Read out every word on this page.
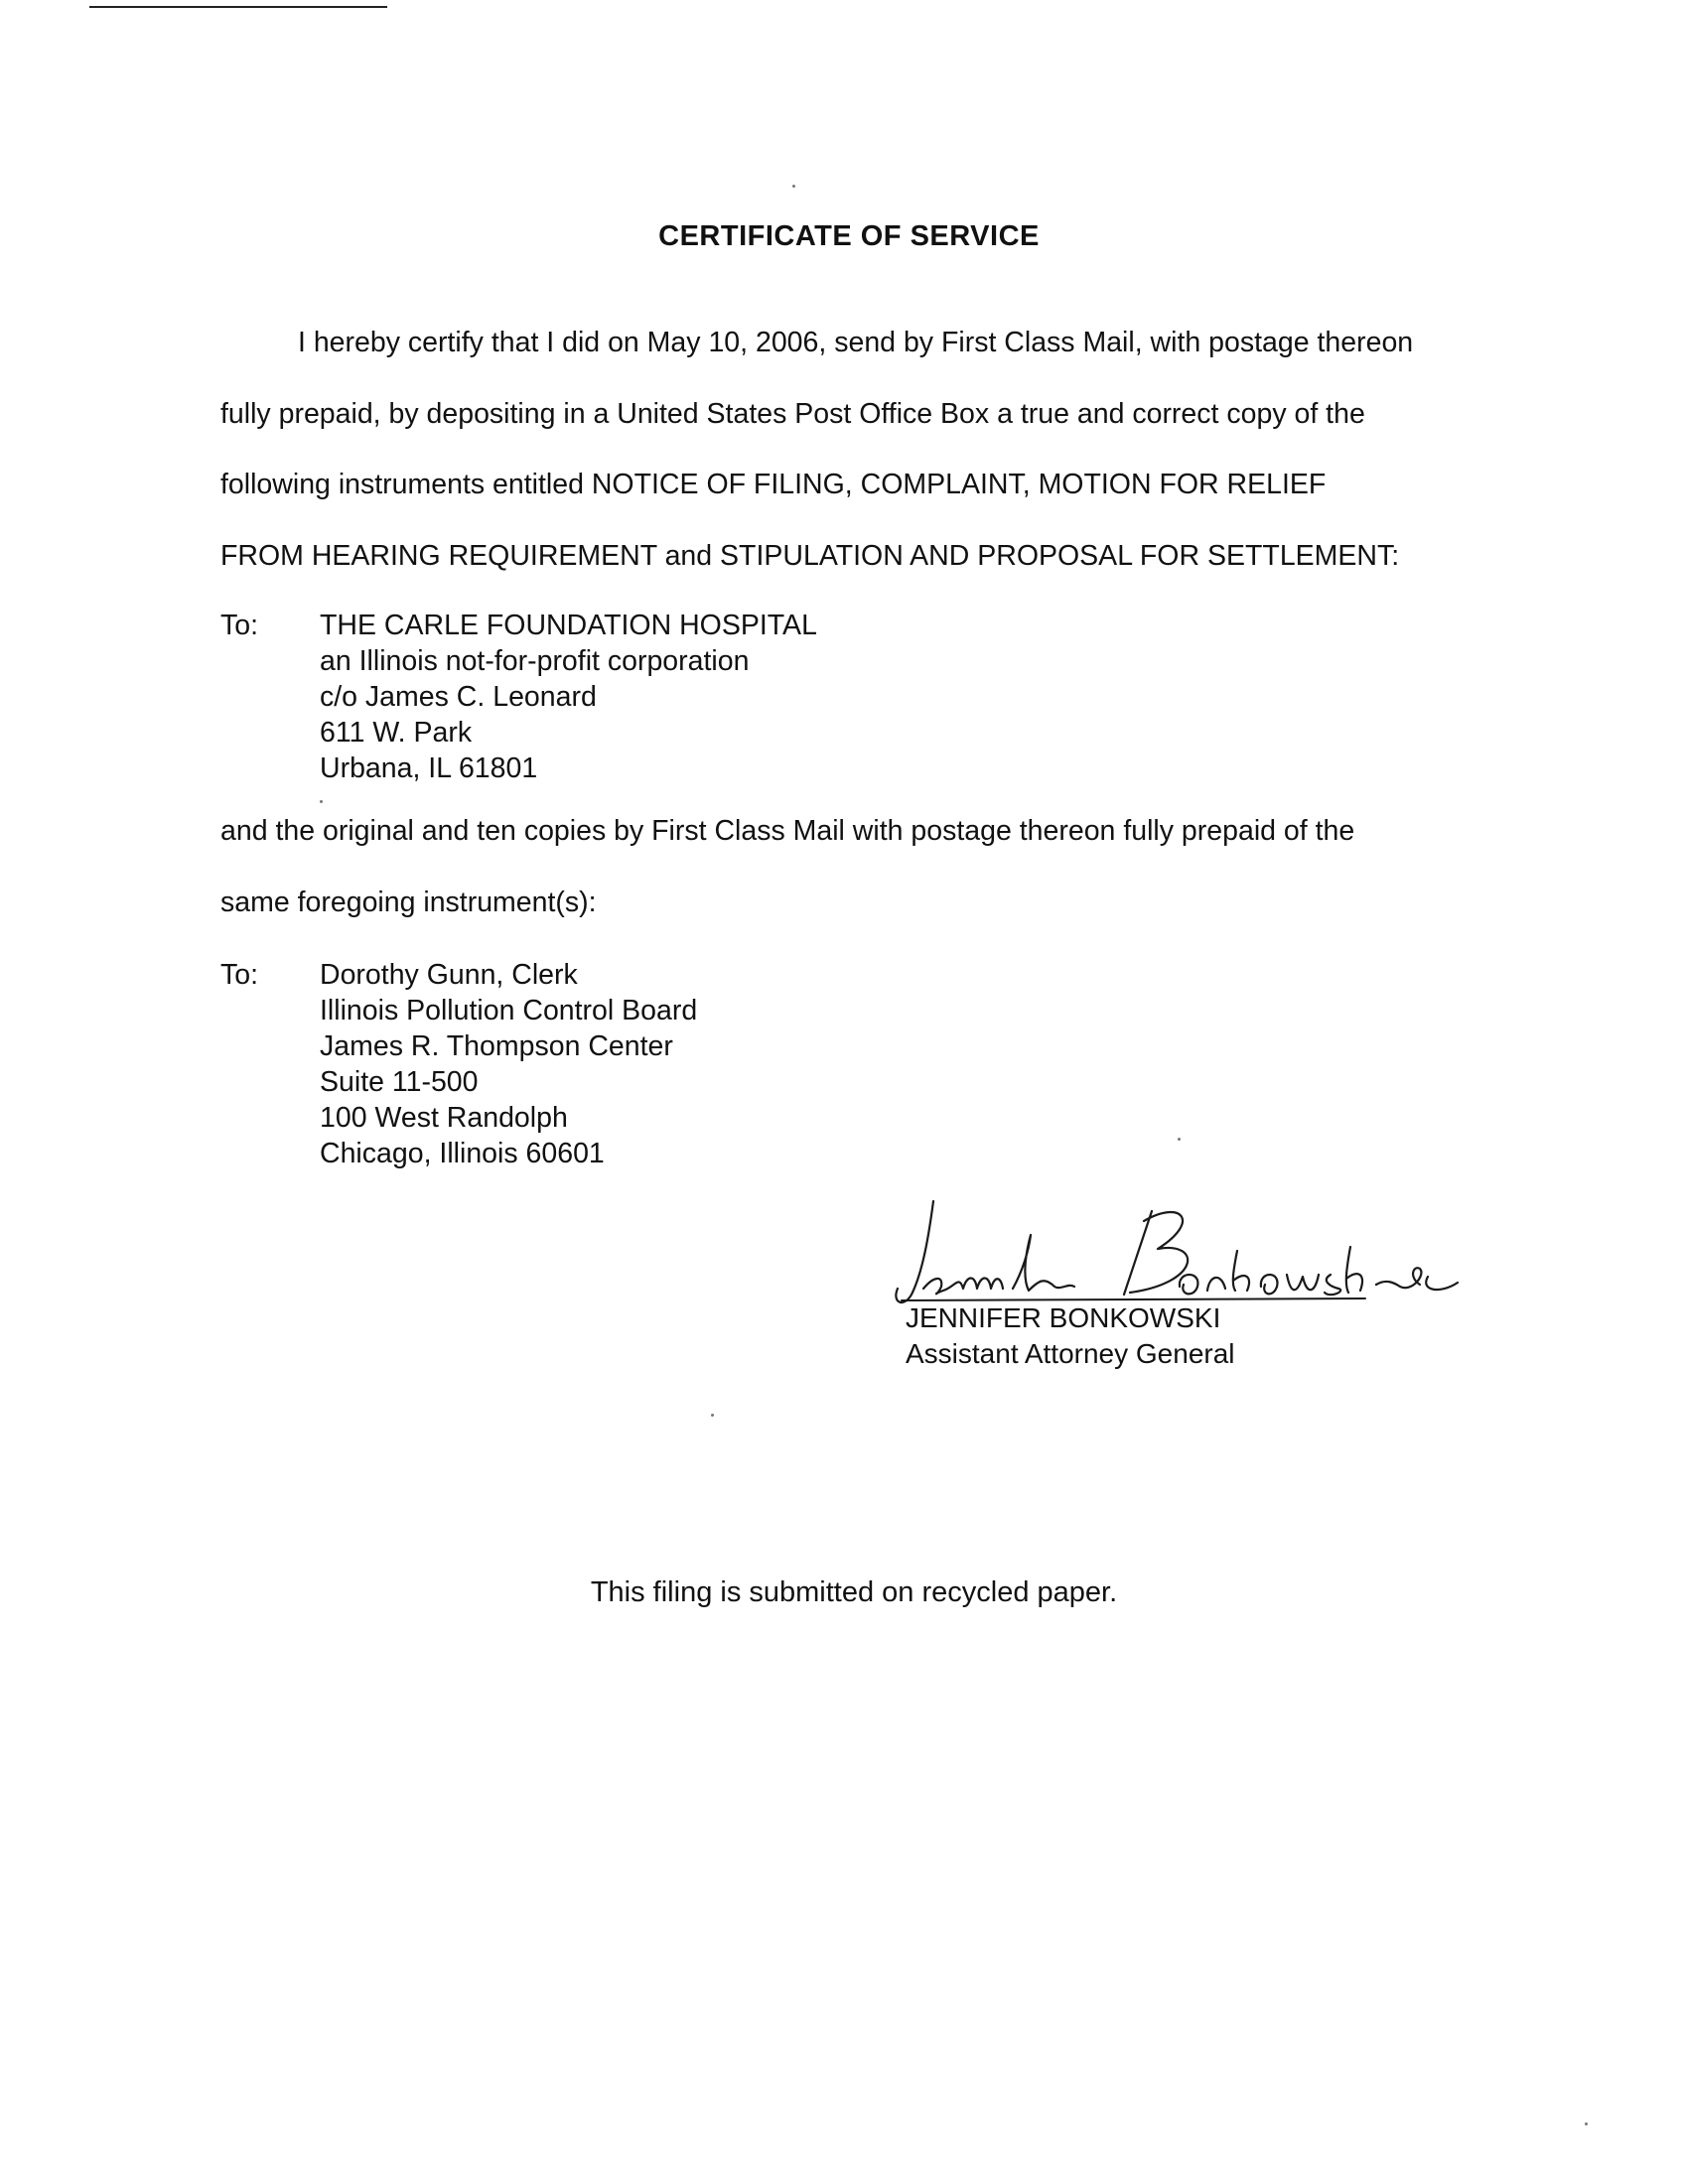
CERTIFICATE OF SERVICE
I hereby certify that I did on May 10, 2006, send by First Class Mail, with postage thereon
fully prepaid, by depositing in a United States Post Office Box a true and correct copy of the
following instruments entitled NOTICE OF FILING, COMPLAINT, MOTION FOR RELIEF
FROM HEARING REQUIREMENT and STIPULATION AND PROPOSAL FOR SETTLEMENT:
To: THE CARLE FOUNDATION HOSPITAL
an Illinois not-for-profit corporation
c/o James C. Leonard
611 W. Park
Urbana, IL 61801
and the original and ten copies by First Class Mail with postage thereon fully prepaid of the
same foregoing instrument(s):
To: Dorothy Gunn, Clerk
Illinois Pollution Control Board
James R. Thompson Center
Suite 11-500
100 West Randolph
Chicago, Illinois 60601
JENNIFER BONKOWSKI
Assistant Attorney General
This filing is submitted on recycled paper.
